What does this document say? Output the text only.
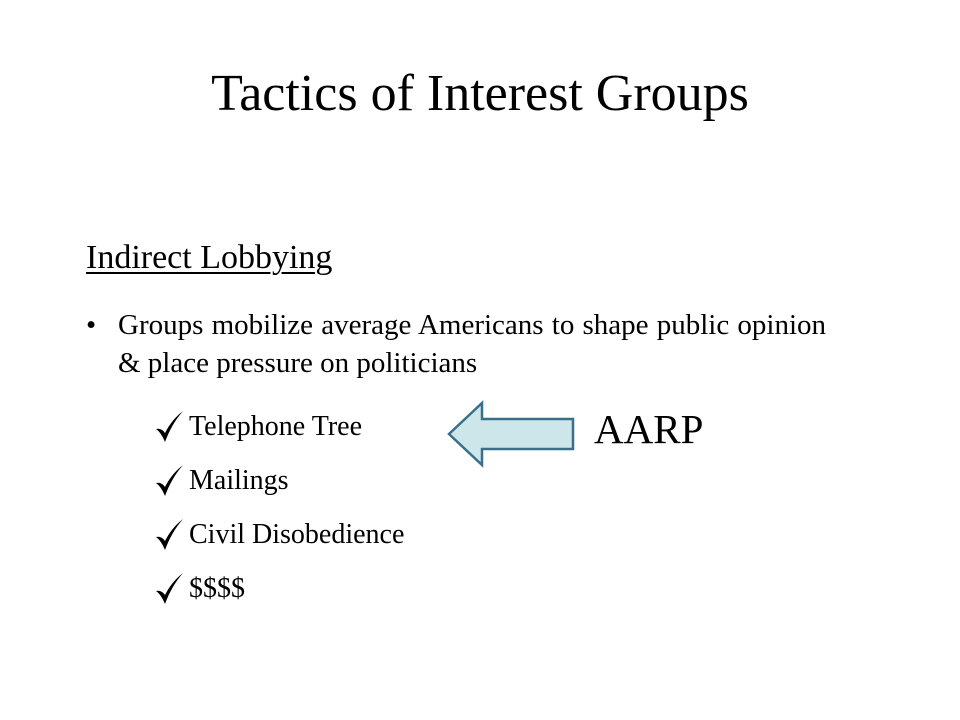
Tactics of Interest Groups
Indirect Lobbying
• Groups mobilize average Americans to shape public opinion & place pressure on politicians
Telephone Tree
Mailings
Civil Disobedience
$$$$
AARP
